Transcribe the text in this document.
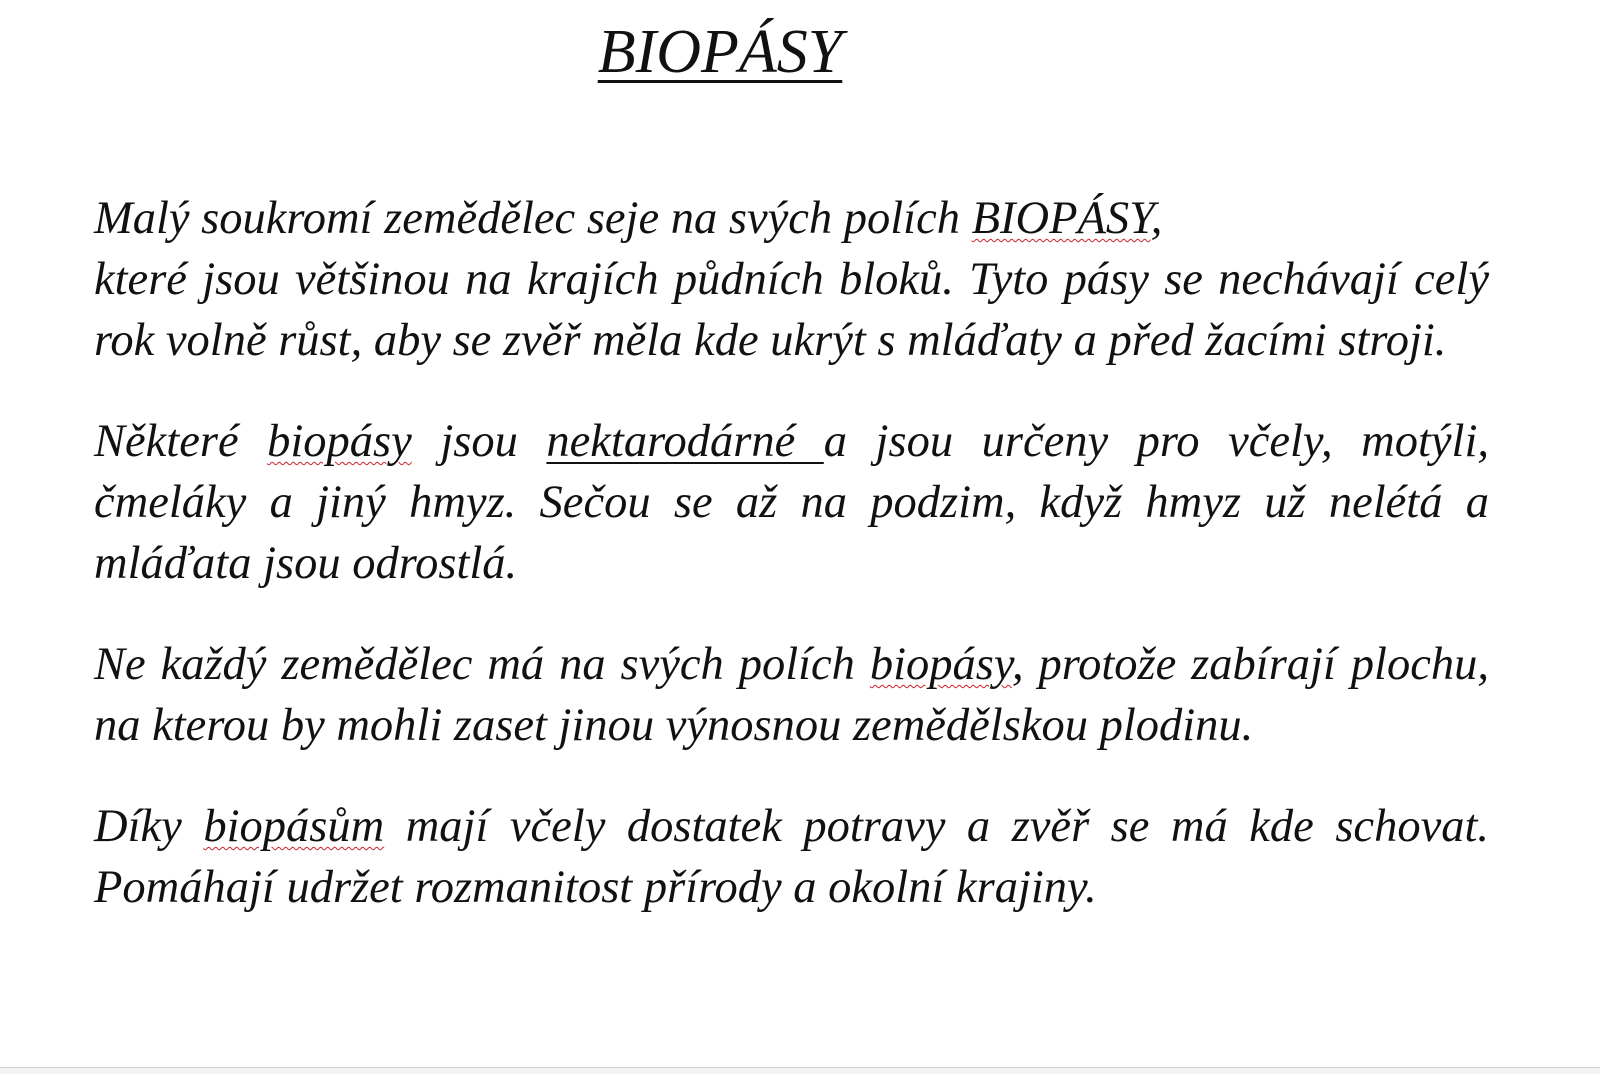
BIOPÁSY

Malý soukromí zemědělec seje na svých polích BIOPÁSY,
které jsou většinou na krajích půdních bloků. Tyto pásy se nechávají celý rok volně růst, aby se zvěř měla kde ukrýt s mláďaty a před žacími stroji.

Některé biopásy jsou nektarodárné a jsou určeny pro včely, motýli, čmeláky a jiný hmyz. Sečou se až na podzim, když hmyz už nelétá a mláďata jsou odrostlá.

Ne každý zemědělec má na svých polích biopásy, protože zabírají plochu, na kterou by mohli zaset jinou výnosnou zemědělskou plodinu.

Díky biopásům mají včely dostatek potravy a zvěř se má kde schovat. Pomáhají udržet rozmanitost přírody a okolní krajiny.
